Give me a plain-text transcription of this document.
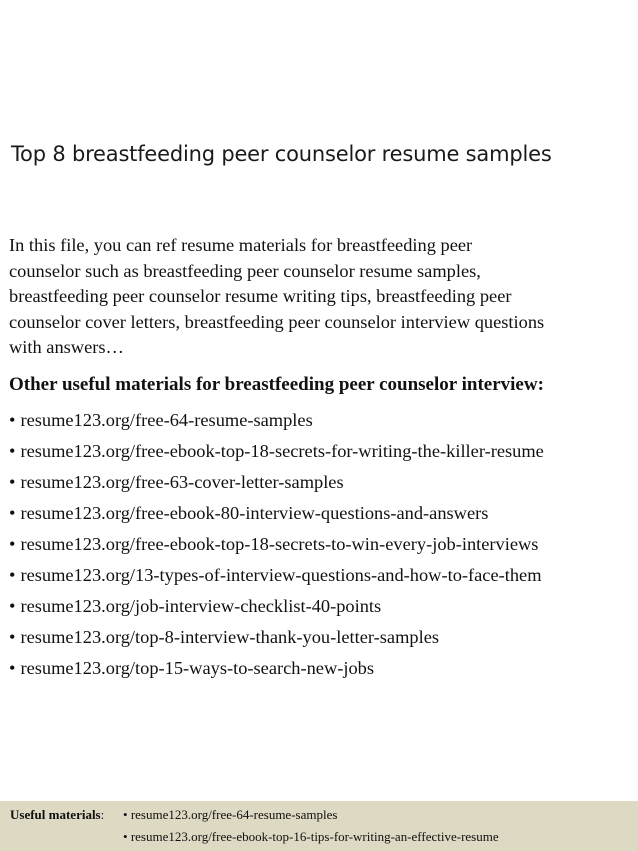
Top 8 breastfeeding peer counselor resume samples

In this file, you can ref resume materials for breastfeeding peer
counselor such as breastfeeding peer counselor resume samples,
breastfeeding peer counselor resume writing tips, breastfeeding peer
counselor cover letters, breastfeeding peer counselor interview questions
with answers…

Other useful materials for breastfeeding peer counselor interview:
• resume123.org/free-64-resume-samples
• resume123.org/free-ebook-top-18-secrets-for-writing-the-killer-resume
• resume123.org/free-63-cover-letter-samples
• resume123.org/free-ebook-80-interview-questions-and-answers
• resume123.org/free-ebook-top-18-secrets-to-win-every-job-interviews
• resume123.org/13-types-of-interview-questions-and-how-to-face-them
• resume123.org/job-interview-checklist-40-points
• resume123.org/top-8-interview-thank-you-letter-samples
• resume123.org/top-15-ways-to-search-new-jobs
Useful materials: • resume123.org/free-64-resume-samples
• resume123.org/free-ebook-top-16-tips-for-writing-an-effective-resume
